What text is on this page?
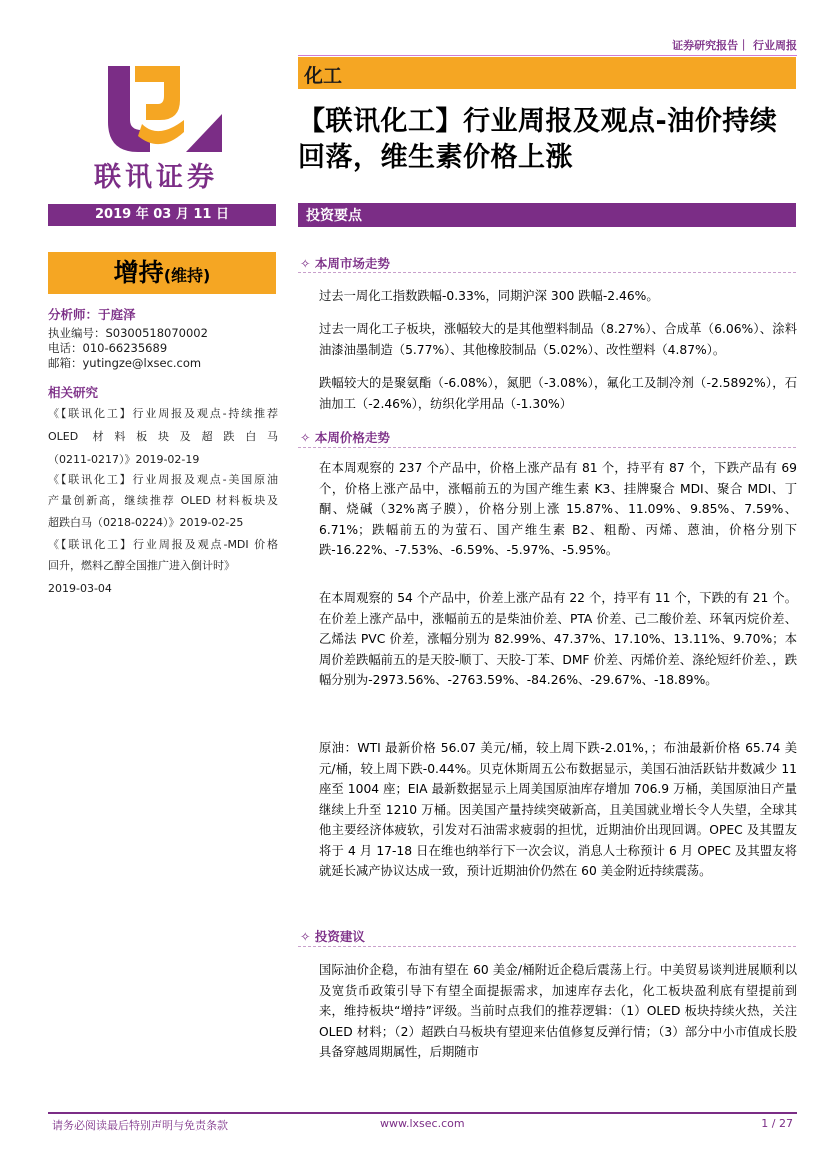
证券研究报告｜ 行业周报
联讯证券
化工
【联讯化工】行业周报及观点-油价持续回落，维生素价格上涨
2019 年 03 月 11 日
增持(维持)
分析师：于庭泽
执业编号：S0300518070002
电话：010-66235689
邮箱：yutingze@lxsec.com
相关研究
《【联讯化工】行业周报及观点-持续推荐
OLED 材料板块及超跌白马
（0211-0217）》2019-02-19
《【联讯化工】行业周报及观点-美国原油
产量创新高，继续推荐 OLED 材料板块及
超跌白马（0218-0224）》2019-02-25
《【联讯化工】行业周报及观点-MDI 价格
回升，燃料乙醇全国推广进入倒计时》
2019-03-04
投资要点
✧ 本周市场走势
过去一周化工指数跌幅-0.33%，同期沪深 300 跌幅-2.46%。
过去一周化工子板块，涨幅较大的是其他塑料制品（8.27%）、合成革（6.06%）、涂料油漆油墨制造（5.77%）、其他橡胶制品（5.02%）、改性塑料（4.87%）。
跌幅较大的是聚氨酯（-6.08%），氮肥（-3.08%），氟化工及制冷剂（-2.5892%），石油加工（-2.46%），纺织化学用品（-1.30%）
✧ 本周价格走势
在本周观察的 237 个产品中，价格上涨产品有 81 个，持平有 87 个，下跌产品有 69 个，价格上涨产品中，涨幅前五的为国产维生素 K3、挂牌聚合 MDI、聚合 MDI、丁酮、烧碱（32%离子膜），价格分别上涨 15.87%、11.09%、9.85%、7.59%、6.71%；跌幅前五的为萤石、国产维生素 B2、粗酚、丙烯、蒽油，价格分别下跌-16.22%、-7.53%、-6.59%、-5.97%、-5.95%。
在本周观察的 54 个产品中，价差上涨产品有 22 个，持平有 11 个，下跌的有 21 个。在价差上涨产品中，涨幅前五的是柴油价差、PTA 价差、己二酸价差、环氧丙烷价差、乙烯法 PVC 价差，涨幅分别为 82.99%、47.37%、17.10%、13.11%、9.70%；本周价差跌幅前五的是天胶-顺丁、天胶-丁苯、DMF 价差、丙烯价差、涤纶短纤价差、，跌幅分别为-2973.56%、-2763.59%、-84.26%、-29.67%、-18.89%。
原油：WTI 最新价格 56.07 美元/桶，较上周下跌-2.01%，；布油最新价格 65.74 美元/桶，较上周下跌-0.44%。贝克休斯周五公布数据显示，美国石油活跃钻井数减少 11 座至 1004 座；EIA 最新数据显示上周美国原油库存增加 706.9 万桶，美国原油日产量继续上升至 1210 万桶。因美国产量持续突破新高，且美国就业增长令人失望，全球其他主要经济体疲软，引发对石油需求疲弱的担忧，近期油价出现回调。OPEC 及其盟友将于 4 月 17-18 日在维也纳举行下一次会议，消息人士称预计 6 月 OPEC 及其盟友将就延长减产协议达成一致，预计近期油价仍然在 60 美金附近持续震荡。
✧ 投资建议
国际油价企稳，布油有望在 60 美金/桶附近企稳后震荡上行。中美贸易谈判进展顺利以及宽货币政策引导下有望全面提振需求，加速库存去化，化工板块盈利底有望提前到来，维持板块“增持”评级。当前时点我们的推荐逻辑：（1）OLED 板块持续火热，关注 OLED 材料；（2）超跌白马板块有望迎来估值修复反弹行情；（3）部分中小市值成长股具备穿越周期属性，后期随市
请务必阅读最后特别声明与免责条款	www.lxsec.com	1 / 27
